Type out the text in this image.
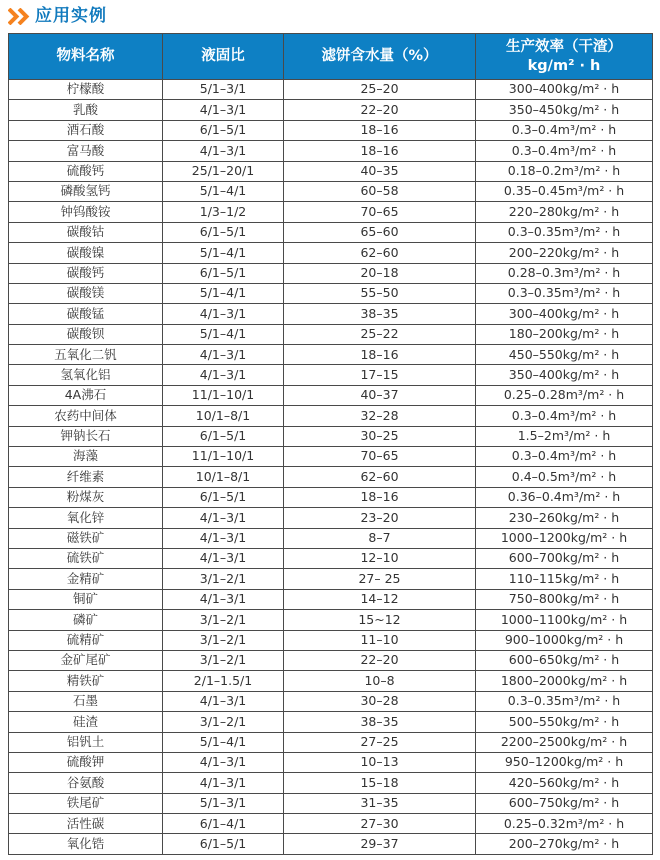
应用实例
物料名称	液固比	滤饼含水量（%）	生产效率（干渣）
kg/m² · h

柠檬酸	5/1–3/1	25–20	300–400kg/m² · h
乳酸	4/1–3/1	22–20	350–450kg/m² · h
酒石酸	6/1–5/1	18–16	0.3–0.4m³/m² · h
富马酸	4/1–3/1	18–16	0.3–0.4m³/m² · h
硫酸钙	25/1–20/1	40–35	0.18–0.2m³/m² · h
磷酸氢钙	5/1–4/1	60–58	0.35–0.45m³/m² · h
钟钨酸铵	1/3–1/2	70–65	220–280kg/m² · h
碳酸钴	6/1–5/1	65–60	0.3–0.35m³/m² · h
碳酸镍	5/1–4/1	62–60	200–220kg/m² · h
碳酸钙	6/1–5/1	20–18	0.28–0.3m³/m² · h
碳酸镁	5/1–4/1	55–50	0.3–0.35m³/m² · h
碳酸锰	4/1–3/1	38–35	300–400kg/m² · h
碳酸钡	5/1–4/1	25–22	180–200kg/m² · h
五氧化二钒	4/1–3/1	18–16	450–550kg/m² · h
氢氧化铝	4/1–3/1	17–15	350–400kg/m² · h
4A沸石	11/1–10/1	40–37	0.25–0.28m³/m² · h
农药中间体	10/1–8/1	32–28	0.3–0.4m³/m² · h
钾钠长石	6/1–5/1	30–25	1.5–2m³/m² · h
海藻	11/1–10/1	70–65	0.3–0.4m³/m² · h
纤维素	10/1–8/1	62–60	0.4–0.5m³/m² · h
粉煤灰	6/1–5/1	18–16	0.36–0.4m³/m² · h
氧化锌	4/1–3/1	23–20	230–260kg/m² · h
磁铁矿	4/1–3/1	8–7	1000–1200kg/m² · h
硫铁矿	4/1–3/1	12–10	600–700kg/m² · h
金精矿	3/1–2/1	27– 25	110–115kg/m² · h
铜矿	4/1–3/1	14–12	750–800kg/m² · h
磷矿	3/1–2/1	15~12	1000–1100kg/m² · h
硫精矿	3/1–2/1	11–10	900–1000kg/m² · h
金矿尾矿	3/1–2/1	22–20	600–650kg/m² · h
精铁矿	2/1–1.5/1	10–8	1800–2000kg/m² · h
石墨	4/1–3/1	30–28	0.3–0.35m³/m² · h
硅渣	3/1–2/1	38–35	500–550kg/m² · h
铝钒土	5/1–4/1	27–25	2200–2500kg/m² · h
硫酸钾	4/1–3/1	10–13	950–1200kg/m² · h
谷氨酸	4/1–3/1	15–18	420–560kg/m² · h
铁尾矿	5/1–3/1	31–35	600–750kg/m² · h
活性碳	6/1–4/1	27–30	0.25–0.32m³/m² · h
氧化锆	6/1–5/1	29–37	200–270kg/m² · h
